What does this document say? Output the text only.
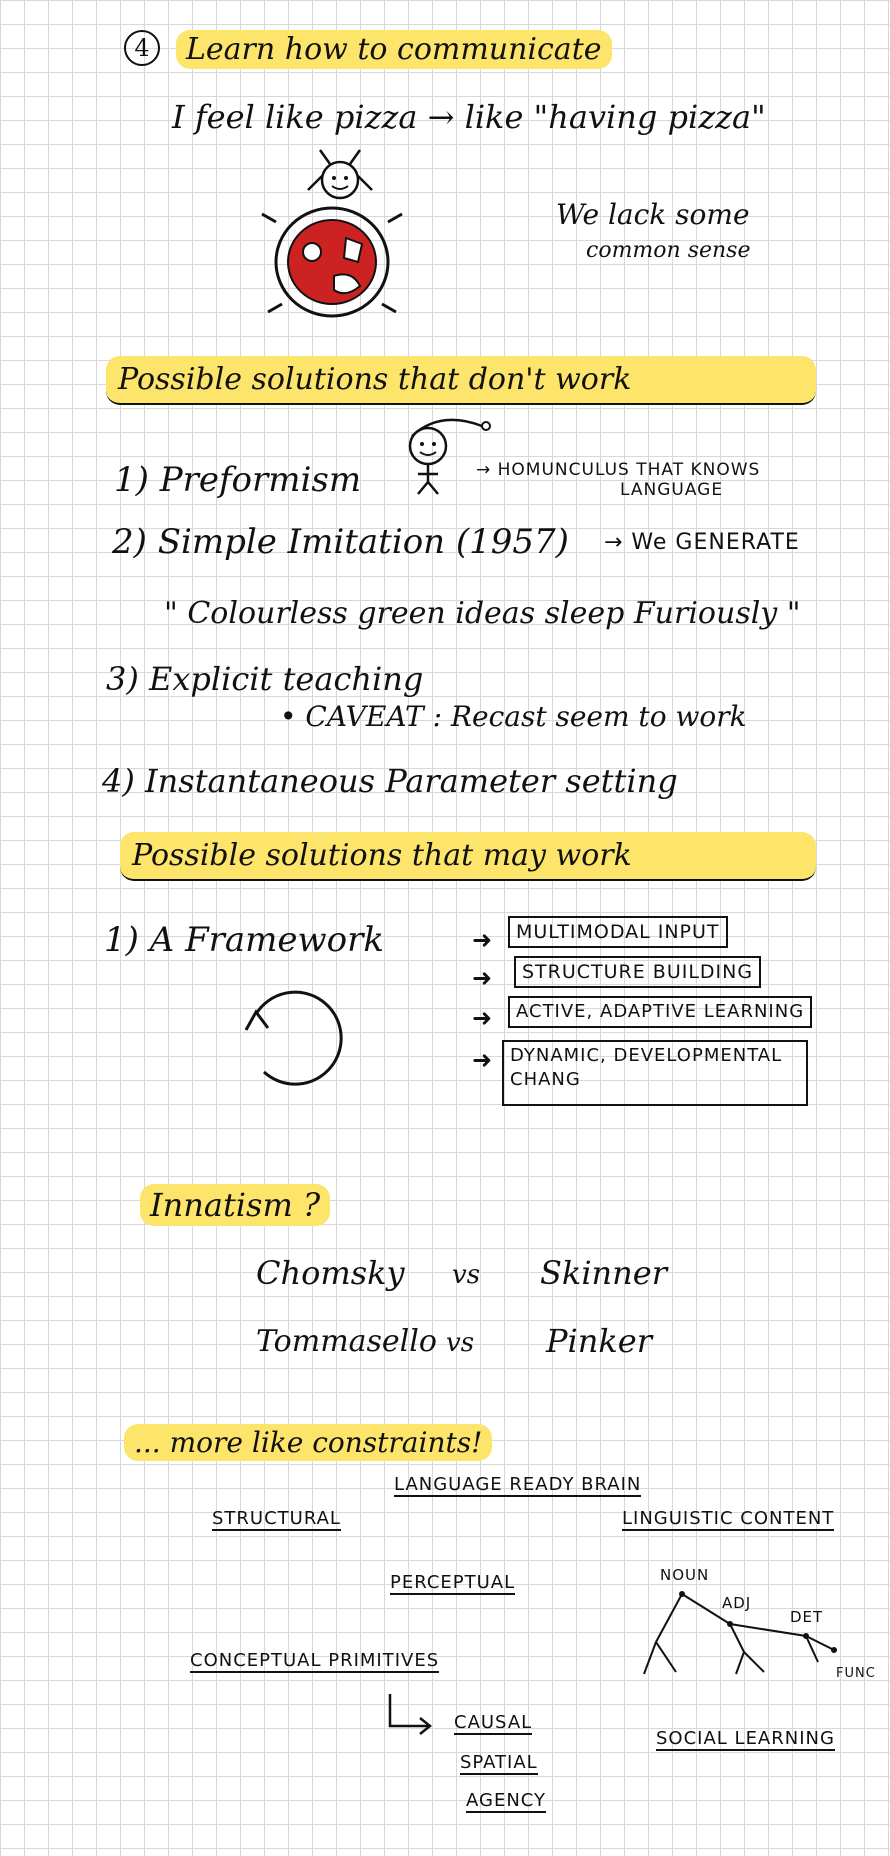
4	Learn how to communicate
I feel like pizza → like "having pizza"
We lack some
common sense
Possible solutions that don't work
1) Preformism	→ HOMUNCULUS THAT KNOWS
LANGUAGE
2) Simple Imitation (1957) → We GENERATE
" Colourless green ideas sleep Furiously "
3) Explicit teaching
• CAVEAT : Recast seem to work
4) Instantaneous Parameter setting
Possible solutions that may work
1) A Framework	➜	MULTIMODAL INPUT
➜	STRUCTURE BUILDING
➜	ACTIVE, ADAPTIVE LEARNING
➜ DYNAMIC, DEVELOPMENTAL CHANG
Innatism ?
Chomsky vs Skinner
Tommasello vs Pinker
... more like constraints!
LANGUAGE READY BRAIN
STRUCTURAL	LINGUISTIC CONTENT
PERCEPTUAL
CONCEPTUAL PRIMITIVES
CAUSAL
SPATIAL
AGENCY
NOUN
ADJ
DET
FUNC
SOCIAL LEARNING
